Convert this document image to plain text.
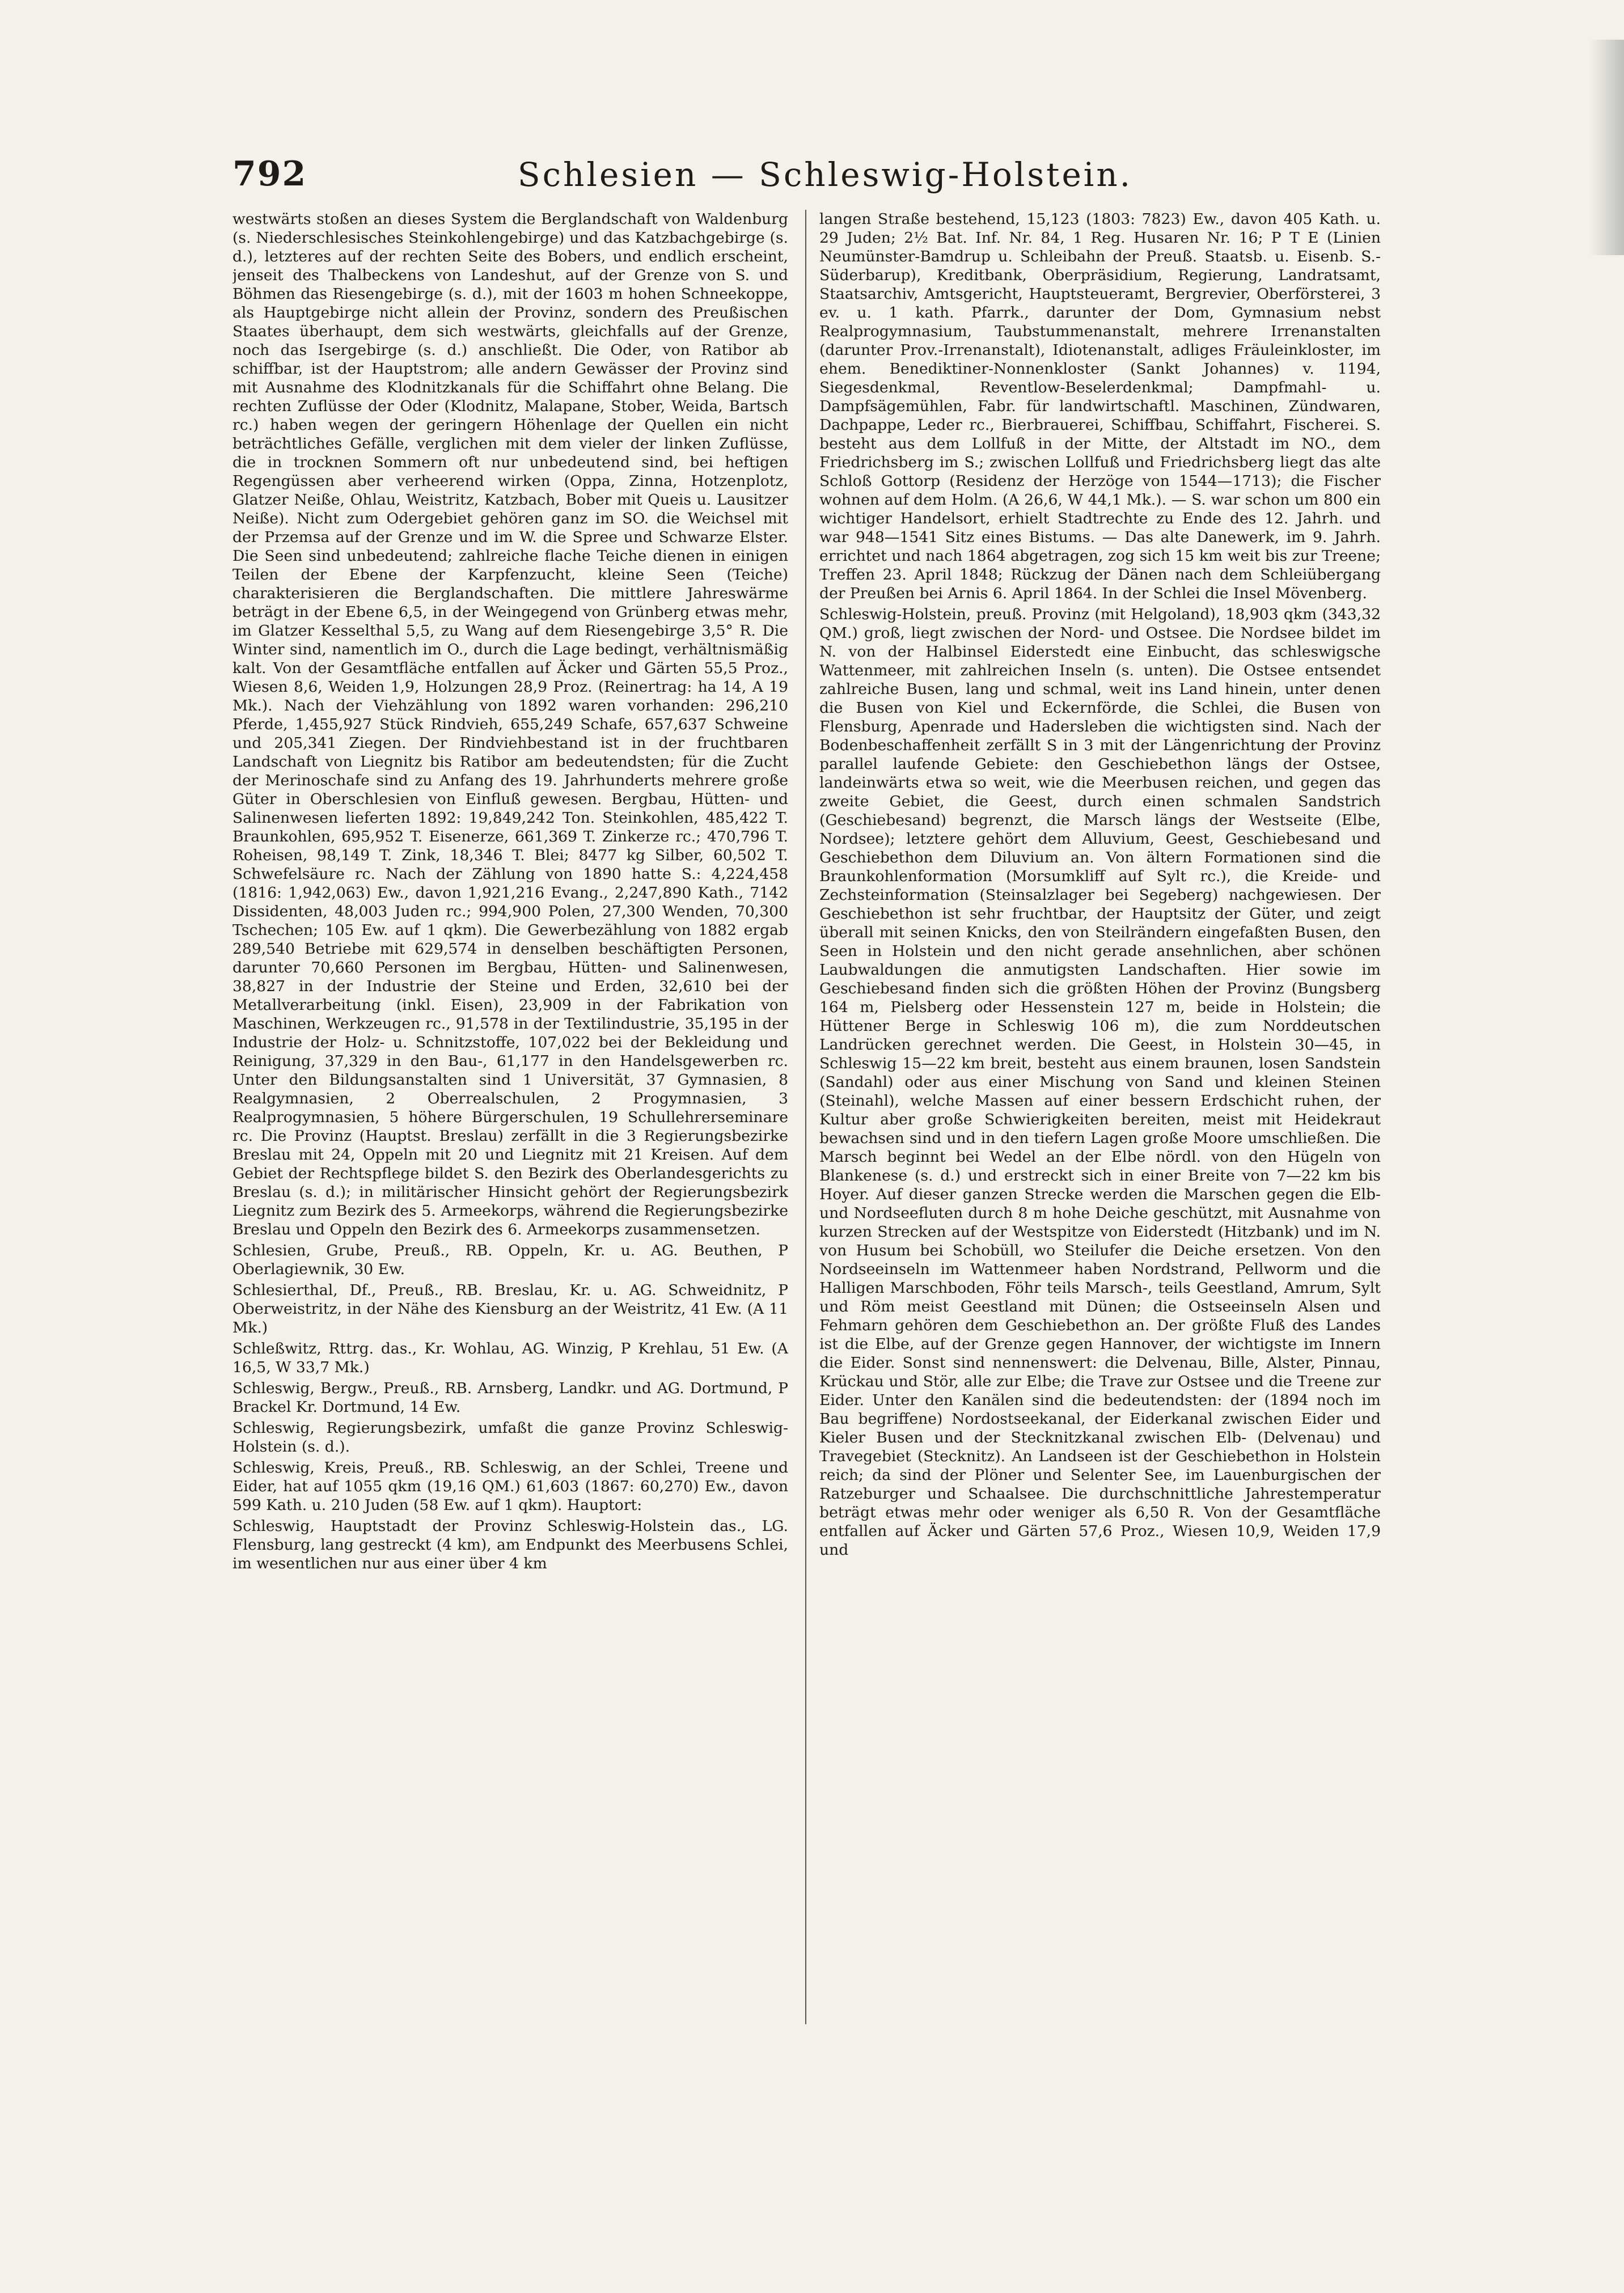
792	Schlesien — Schleswig-Holstein.

westwärts stoßen an dieses System die Berglandschaft von Waldenburg (s. Niederschlesisches Steinkohlengebirge) und das Katzbachgebirge (s. d.), letzteres auf der rechten Seite des Bobers, und endlich erscheint, jenseit des Thalbeckens von Landeshut, auf der Grenze von S. und Böhmen das Riesengebirge (s. d.), mit der 1603 m hohen Schneekoppe, als Hauptgebirge nicht allein der Provinz, sondern des Preußischen Staates überhaupt, dem sich westwärts, gleichfalls auf der Grenze, noch das Isergebirge (s. d.) anschließt. Die Oder, von Ratibor ab schiffbar, ist der Hauptstrom; alle andern Gewässer der Provinz sind mit Ausnahme des Klodnitzkanals für die Schiffahrt ohne Belang. Die rechten Zuflüsse der Oder (Klodnitz, Malapane, Stober, Weida, Bartsch rc.) haben wegen der geringern Höhenlage der Quellen ein nicht beträchtliches Gefälle, verglichen mit dem vieler der linken Zuflüsse, die in trocknen Sommern oft nur unbedeutend sind, bei heftigen Regengüssen aber verheerend wirken (Oppa, Zinna, Hotzenplotz, Glatzer Neiße, Ohlau, Weistritz, Katzbach, Bober mit Queis u. Lausitzer Neiße). Nicht zum Odergebiet gehören ganz im SO. die Weichsel mit der Przemsa auf der Grenze und im W. die Spree und Schwarze Elster. Die Seen sind unbedeutend; zahlreiche flache Teiche dienen in einigen Teilen der Ebene der Karpfenzucht, kleine Seen (Teiche) charakterisieren die Berglandschaften. Die mittlere Jahreswärme beträgt in der Ebene 6,5, in der Weingegend von Grünberg etwas mehr, im Glatzer Kesselthal 5,5, zu Wang auf dem Riesengebirge 3,5° R. Die Winter sind, namentlich im O., durch die Lage bedingt, verhältnismäßig kalt. Von der Gesamtfläche entfallen auf Äcker und Gärten 55,5 Proz., Wiesen 8,6, Weiden 1,9, Holzungen 28,9 Proz. (Reinertrag: ha 14, A 19 Mk.). Nach der Viehzählung von 1892 waren vorhanden: 296,210 Pferde, 1,455,927 Stück Rindvieh, 655,249 Schafe, 657,637 Schweine und 205,341 Ziegen. Der Rindviehbestand ist in der fruchtbaren Landschaft von Liegnitz bis Ratibor am bedeutendsten; für die Zucht der Merinoschafe sind zu Anfang des 19. Jahrhunderts mehrere große Güter in Oberschlesien von Einfluß gewesen. Bergbau, Hütten- und Salinenwesen lieferten 1892: 19,849,242 Ton. Steinkohlen, 485,422 T. Braunkohlen, 695,952 T. Eisenerze, 661,369 T. Zinkerze rc.; 470,796 T. Roheisen, 98,149 T. Zink, 18,346 T. Blei; 8477 kg Silber, 60,502 T. Schwefelsäure rc. Nach der Zählung von 1890 hatte S.: 4,224,458 (1816: 1,942,063) Ew., davon 1,921,216 Evang., 2,247,890 Kath., 7142 Dissidenten, 48,003 Juden rc.; 994,900 Polen, 27,300 Wenden, 70,300 Tschechen; 105 Ew. auf 1 qkm). Die Gewerbezählung von 1882 ergab 289,540 Betriebe mit 629,574 in denselben beschäftigten Personen, darunter 70,660 Personen im Bergbau, Hütten- und Salinenwesen, 38,827 in der Industrie der Steine und Erden, 32,610 bei der Metallverarbeitung (inkl. Eisen), 23,909 in der Fabrikation von Maschinen, Werkzeugen rc., 91,578 in der Textilindustrie, 35,195 in der Industrie der Holz- u. Schnitzstoffe, 107,022 bei der Bekleidung und Reinigung, 37,329 in den Bau-, 61,177 in den Handelsgewerben rc. Unter den Bildungsanstalten sind 1 Universität, 37 Gymnasien, 8 Realgymnasien, 2 Oberrealschulen, 2 Progymnasien, 3 Realprogymnasien, 5 höhere Bürgerschulen, 19 Schullehrerseminare rc. Die Provinz (Hauptst. Breslau) zerfällt in die 3 Regierungsbezirke Breslau mit 24, Oppeln mit 20 und Liegnitz mit 21 Kreisen. Auf dem Gebiet der Rechtspflege bildet S. den Bezirk des Oberlandesgerichts zu Breslau (s. d.); in militärischer Hinsicht gehört der Regierungsbezirk Liegnitz zum Bezirk des 5. Armeekorps, während die Regierungsbezirke Breslau und Oppeln den Bezirk des 6. Armeekorps zusammensetzen.

Schlesien, Grube, Preuß., RB. Oppeln, Kr. u. AG. Beuthen, P Oberlagiewnik, 30 Ew.

Schlesierthal, Df., Preuß., RB. Breslau, Kr. u. AG. Schweidnitz, P Oberweistritz, in der Nähe des Kiensburg an der Weistritz, 41 Ew. (A 11 Mk.)

Schleßwitz, Rttrg. das., Kr. Wohlau, AG. Winzig, P Krehlau, 51 Ew. (A 16,5, W 33,7 Mk.)

Schleswig, Bergw., Preuß., RB. Arnsberg, Landkr. und AG. Dortmund, P Brackel Kr. Dortmund, 14 Ew.

Schleswig, Regierungsbezirk, umfaßt die ganze Provinz Schleswig-Holstein (s. d.).

Schleswig, Kreis, Preuß., RB. Schleswig, an der Schlei, Treene und Eider, hat auf 1055 qkm (19,16 QM.) 61,603 (1867: 60,270) Ew., davon 599 Kath. u. 210 Juden (58 Ew. auf 1 qkm). Hauptort:

Schleswig, Hauptstadt der Provinz Schleswig-Holstein das., LG. Flensburg, lang gestreckt (4 km), am Endpunkt des Meerbusens Schlei, im wesentlichen nur aus einer über 4 km

langen Straße bestehend, 15,123 (1803: 7823) Ew., davon 405 Kath. u. 29 Juden; 2½ Bat. Inf. Nr. 84, 1 Reg. Husaren Nr. 16; P T E (Linien Neumünster-Bamdrup u. Schleibahn der Preuß. Staatsb. u. Eisenb. S.-Süderbarup), Kreditbank, Oberpräsidium, Regierung, Landratsamt, Staatsarchiv, Amtsgericht, Hauptsteueramt, Bergrevier, Oberförsterei, 3 ev. u. 1 kath. Pfarrk., darunter der Dom, Gymnasium nebst Realprogymnasium, Taubstummenanstalt, mehrere Irrenanstalten (darunter Prov.-Irrenanstalt), Idiotenanstalt, adliges Fräuleinkloster, im ehem. Benediktiner-Nonnenkloster (Sankt Johannes) v. 1194, Siegesdenkmal, Reventlow-Beselerdenkmal; Dampfmahl- u. Dampfsägemühlen, Fabr. für landwirtschaftl. Maschinen, Zündwaren, Dachpappe, Leder rc., Bierbrauerei, Schiffbau, Schiffahrt, Fischerei. S. besteht aus dem Lollfuß in der Mitte, der Altstadt im NO., dem Friedrichsberg im S.; zwischen Lollfuß und Friedrichsberg liegt das alte Schloß Gottorp (Residenz der Herzöge von 1544—1713); die Fischer wohnen auf dem Holm. (A 26,6, W 44,1 Mk.). — S. war schon um 800 ein wichtiger Handelsort, erhielt Stadtrechte zu Ende des 12. Jahrh. und war 948—1541 Sitz eines Bistums. — Das alte Danewerk, im 9. Jahrh. errichtet und nach 1864 abgetragen, zog sich 15 km weit bis zur Treene; Treffen 23. April 1848; Rückzug der Dänen nach dem Schleiübergang der Preußen bei Arnis 6. April 1864. In der Schlei die Insel Mövenberg.

Schleswig-Holstein, preuß. Provinz (mit Helgoland), 18,903 qkm (343,32 QM.) groß, liegt zwischen der Nord- und Ostsee. Die Nordsee bildet im N. von der Halbinsel Eiderstedt eine Einbucht, das schleswigsche Wattenmeer, mit zahlreichen Inseln (s. unten). Die Ostsee entsendet zahlreiche Busen, lang und schmal, weit ins Land hinein, unter denen die Busen von Kiel und Eckernförde, die Schlei, die Busen von Flensburg, Apenrade und Hadersleben die wichtigsten sind. Nach der Bodenbeschaffenheit zerfällt S in 3 mit der Längenrichtung der Provinz parallel laufende Gebiete: den Geschiebethon längs der Ostsee, landeinwärts etwa so weit, wie die Meerbusen reichen, und gegen das zweite Gebiet, die Geest, durch einen schmalen Sandstrich (Geschiebesand) begrenzt, die Marsch längs der Westseite (Elbe, Nordsee); letztere gehört dem Alluvium, Geest, Geschiebesand und Geschiebethon dem Diluvium an. Von ältern Formationen sind die Braunkohlenformation (Morsumkliff auf Sylt rc.), die Kreide- und Zechsteinformation (Steinsalzlager bei Segeberg) nachgewiesen. Der Geschiebethon ist sehr fruchtbar, der Hauptsitz der Güter, und zeigt überall mit seinen Knicks, den von Steilrändern eingefaßten Busen, den Seen in Holstein und den nicht gerade ansehnlichen, aber schönen Laubwaldungen die anmutigsten Landschaften. Hier sowie im Geschiebesand finden sich die größten Höhen der Provinz (Bungsberg 164 m, Pielsberg oder Hessenstein 127 m, beide in Holstein; die Hüttener Berge in Schleswig 106 m), die zum Norddeutschen Landrücken gerechnet werden. Die Geest, in Holstein 30—45, in Schleswig 15—22 km breit, besteht aus einem braunen, losen Sandstein (Sandahl) oder aus einer Mischung von Sand und kleinen Steinen (Steinahl), welche Massen auf einer bessern Erdschicht ruhen, der Kultur aber große Schwierigkeiten bereiten, meist mit Heidekraut bewachsen sind und in den tiefern Lagen große Moore umschließen. Die Marsch beginnt bei Wedel an der Elbe nördl. von den Hügeln von Blankenese (s. d.) und erstreckt sich in einer Breite von 7—22 km bis Hoyer. Auf dieser ganzen Strecke werden die Marschen gegen die Elb- und Nordseefluten durch 8 m hohe Deiche geschützt, mit Ausnahme von kurzen Strecken auf der Westspitze von Eiderstedt (Hitzbank) und im N. von Husum bei Schobüll, wo Steilufer die Deiche ersetzen. Von den Nordseeinseln im Wattenmeer haben Nordstrand, Pellworm und die Halligen Marschboden, Föhr teils Marsch-, teils Geestland, Amrum, Sylt und Röm meist Geestland mit Dünen; die Ostseeinseln Alsen und Fehmarn gehören dem Geschiebethon an. Der größte Fluß des Landes ist die Elbe, auf der Grenze gegen Hannover, der wichtigste im Innern die Eider. Sonst sind nennenswert: die Delvenau, Bille, Alster, Pinnau, Krückau und Stör, alle zur Elbe; die Trave zur Ostsee und die Treene zur Eider. Unter den Kanälen sind die bedeutendsten: der (1894 noch im Bau begriffene) Nordostseekanal, der Eiderkanal zwischen Eider und Kieler Busen und der Stecknitzkanal zwischen Elb- (Delvenau) und Travegebiet (Stecknitz). An Landseen ist der Geschiebethon in Holstein reich; da sind der Plöner und Selenter See, im Lauenburgischen der Ratzeburger und Schaalsee. Die durchschnittliche Jahrestemperatur beträgt etwas mehr oder weniger als 6,50 R. Von der Gesamtfläche entfallen auf Äcker und Gärten 57,6 Proz., Wiesen 10,9, Weiden 17,9 und
